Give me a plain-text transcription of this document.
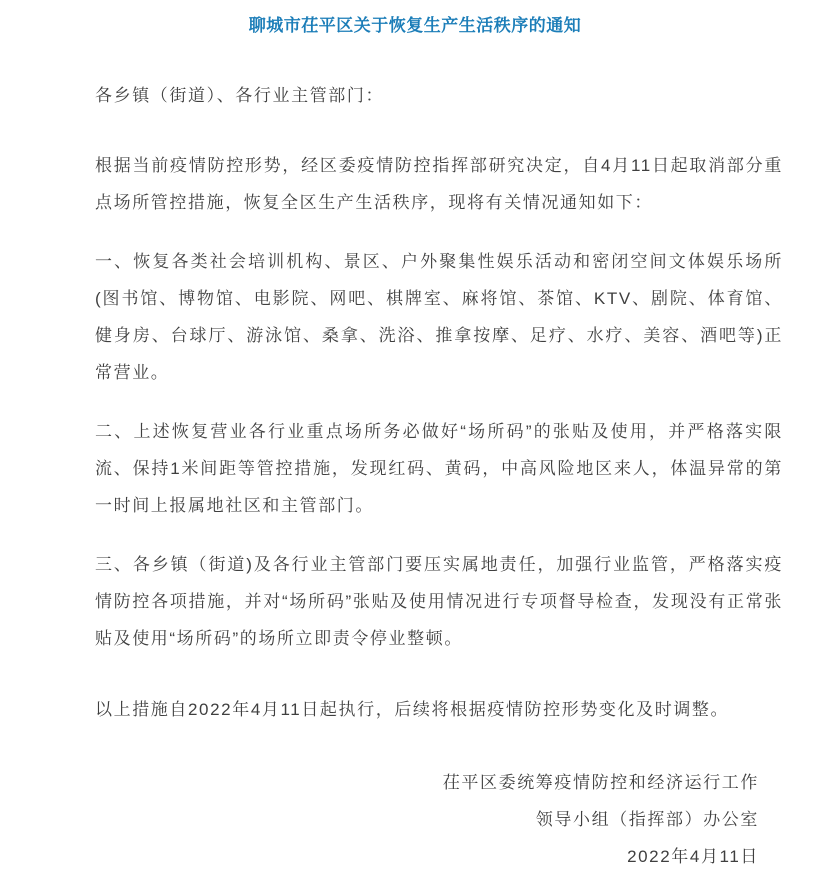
聊城市茌平区关于恢复生产生活秩序的通知
各乡镇（街道）、各行业主管部门：

根据当前疫情防控形势，经区委疫情防控指挥部研究决定，自4月11日起取消部分重点场所管控措施，恢复全区生产生活秩序，现将有关情况通知如下：

一、恢复各类社会培训机构、景区、户外聚集性娱乐活动和密闭空间文体娱乐场所(图书馆、博物馆、电影院、网吧、棋牌室、麻将馆、茶馆、KTV、剧院、体育馆、健身房、台球厅、游泳馆、桑拿、洗浴、推拿按摩、足疗、水疗、美容、酒吧等)正常营业。

二、上述恢复营业各行业重点场所务必做好“场所码”的张贴及使用，并严格落实限流、保持1米间距等管控措施，发现红码、黄码，中高风险地区来人，体温异常的第一时间上报属地社区和主管部门。

三、各乡镇（街道)及各行业主管部门要压实属地责任，加强行业监管，严格落实疫情防控各项措施，并对“场所码”张贴及使用情况进行专项督导检查，发现没有正常张贴及使用“场所码”的场所立即责令停业整顿。

以上措施自2022年4月11日起执行，后续将根据疫情防控形势变化及时调整。

茌平区委统筹疫情防控和经济运行工作
领导小组（指挥部）办公室
2022年4月11日
